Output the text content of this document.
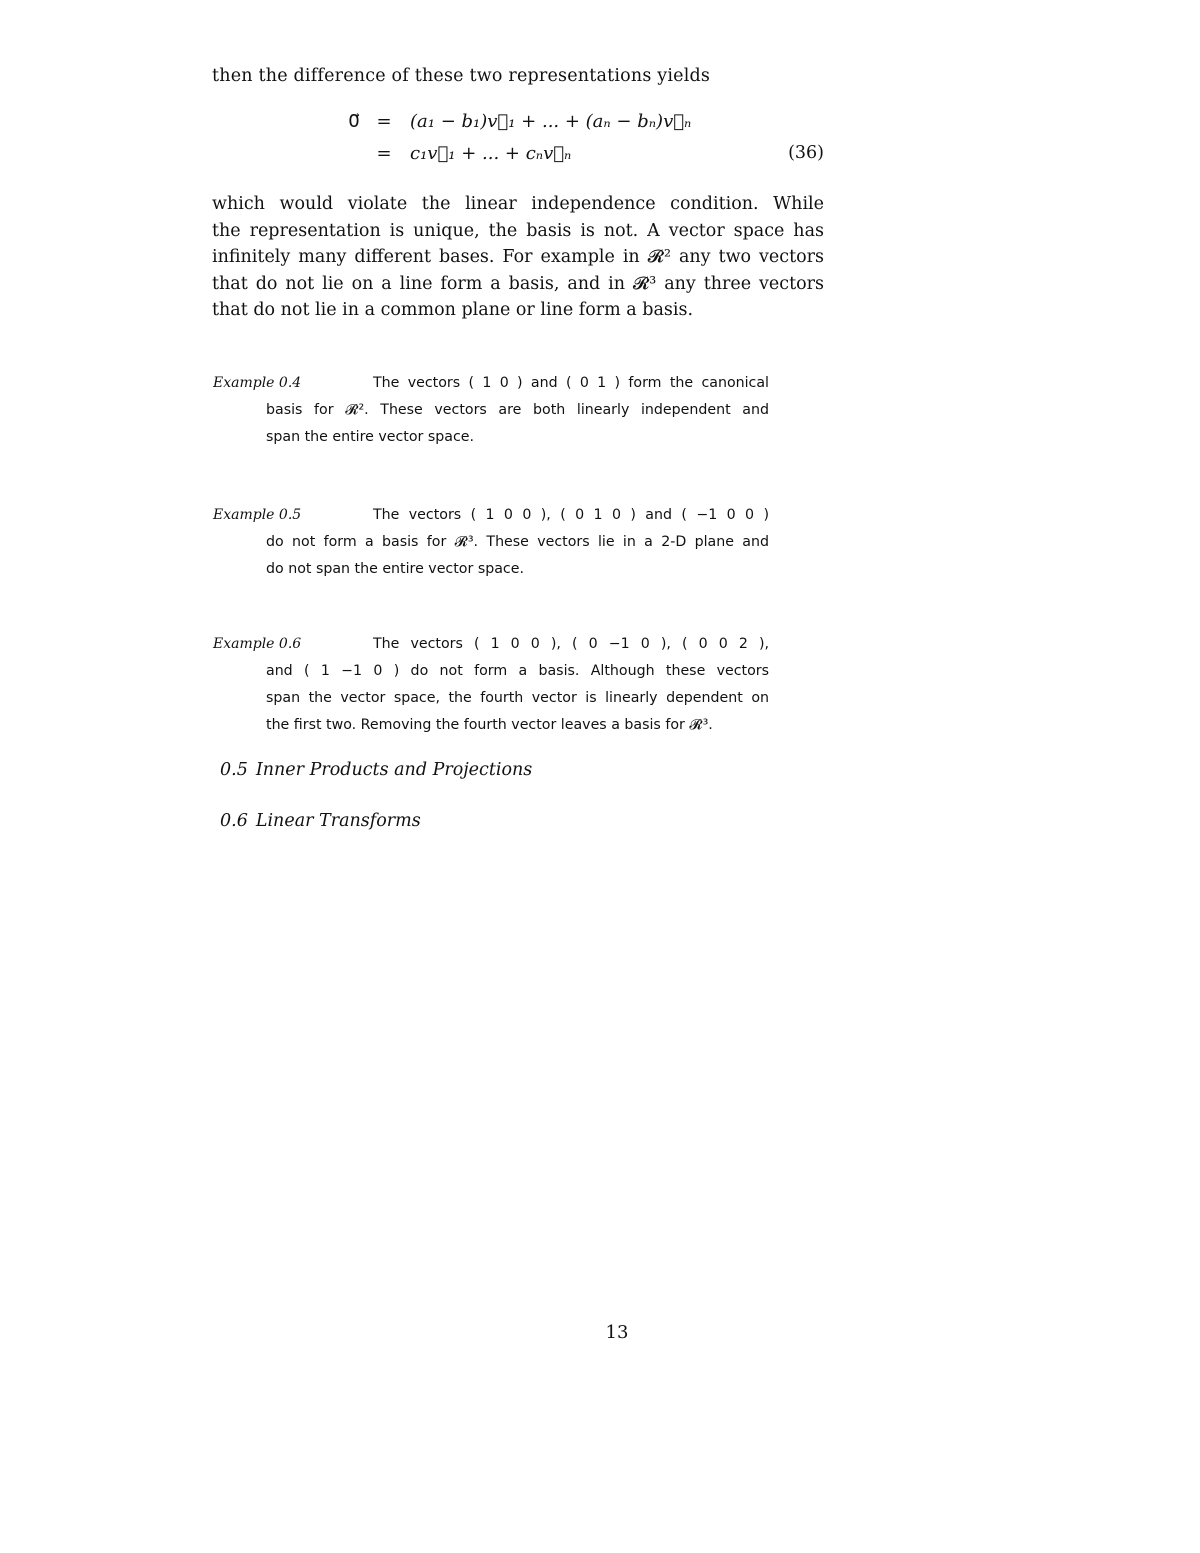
then the difference of these two representations yields

0⃗ = (a₁ − b₁)v⃗₁ + ... + (aₙ − bₙ)v⃗ₙ
= c₁v⃗₁ + ... + cₙv⃗ₙ	(36)
which would violate the linear independence condition. While
the representation is unique, the basis is not. A vector space has
infinitely many different bases. For example in 𝓡² any two vectors
that do not lie on a line form a basis, and in 𝓡³ any three vectors
that do not lie in a common plane or line form a basis.
Example 0.4	The vectors ( 1 0 ) and ( 0 1 ) form the canonical
basis for 𝓡². These vectors are both linearly independent and
span the entire vector space.
Example 0.5	The vectors ( 1 0 0 ), ( 0 1 0 ) and ( −1 0 0 )
do not form a basis for 𝓡³. These vectors lie in a 2-D plane and
do not span the entire vector space.
Example 0.6	The vectors ( 1 0 0 ), ( 0 −1 0 ), ( 0 0 2 ),
and ( 1 −1 0 ) do not form a basis. Although these vectors
span the vector space, the fourth vector is linearly dependent on
the first two. Removing the fourth vector leaves a basis for 𝓡³.
0.5 Inner Products and Projections
0.6 Linear Transforms
13
